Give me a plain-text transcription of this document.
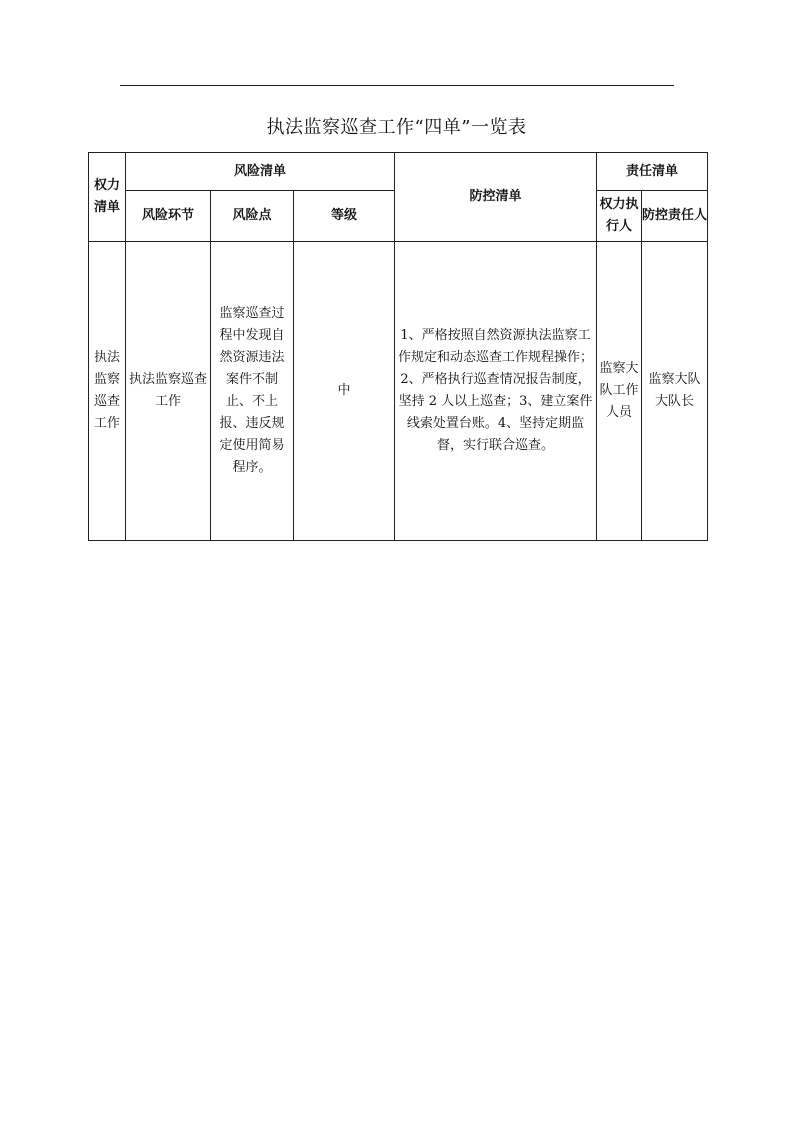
执法监察巡查工作“四单”一览表
权力清单	风险清单			防控清单	责任清单	
	风险环节	风险点	等级		权力执行人	防控责任人
执法监察巡查工作	执法监察巡查工作	监察巡查过程中发现自然资源违法案件不制止、不上报、违反规定使用简易程序。	中	1、严格按照自然资源执法监察工作规定和动态巡查工作规程操作；2、严格执行巡查情况报告制度，坚持 2 人以上巡查；3、建立案件线索处置台账。4、坚持定期监督，实行联合巡查。	监察大队工作人员	监察大队大队长
